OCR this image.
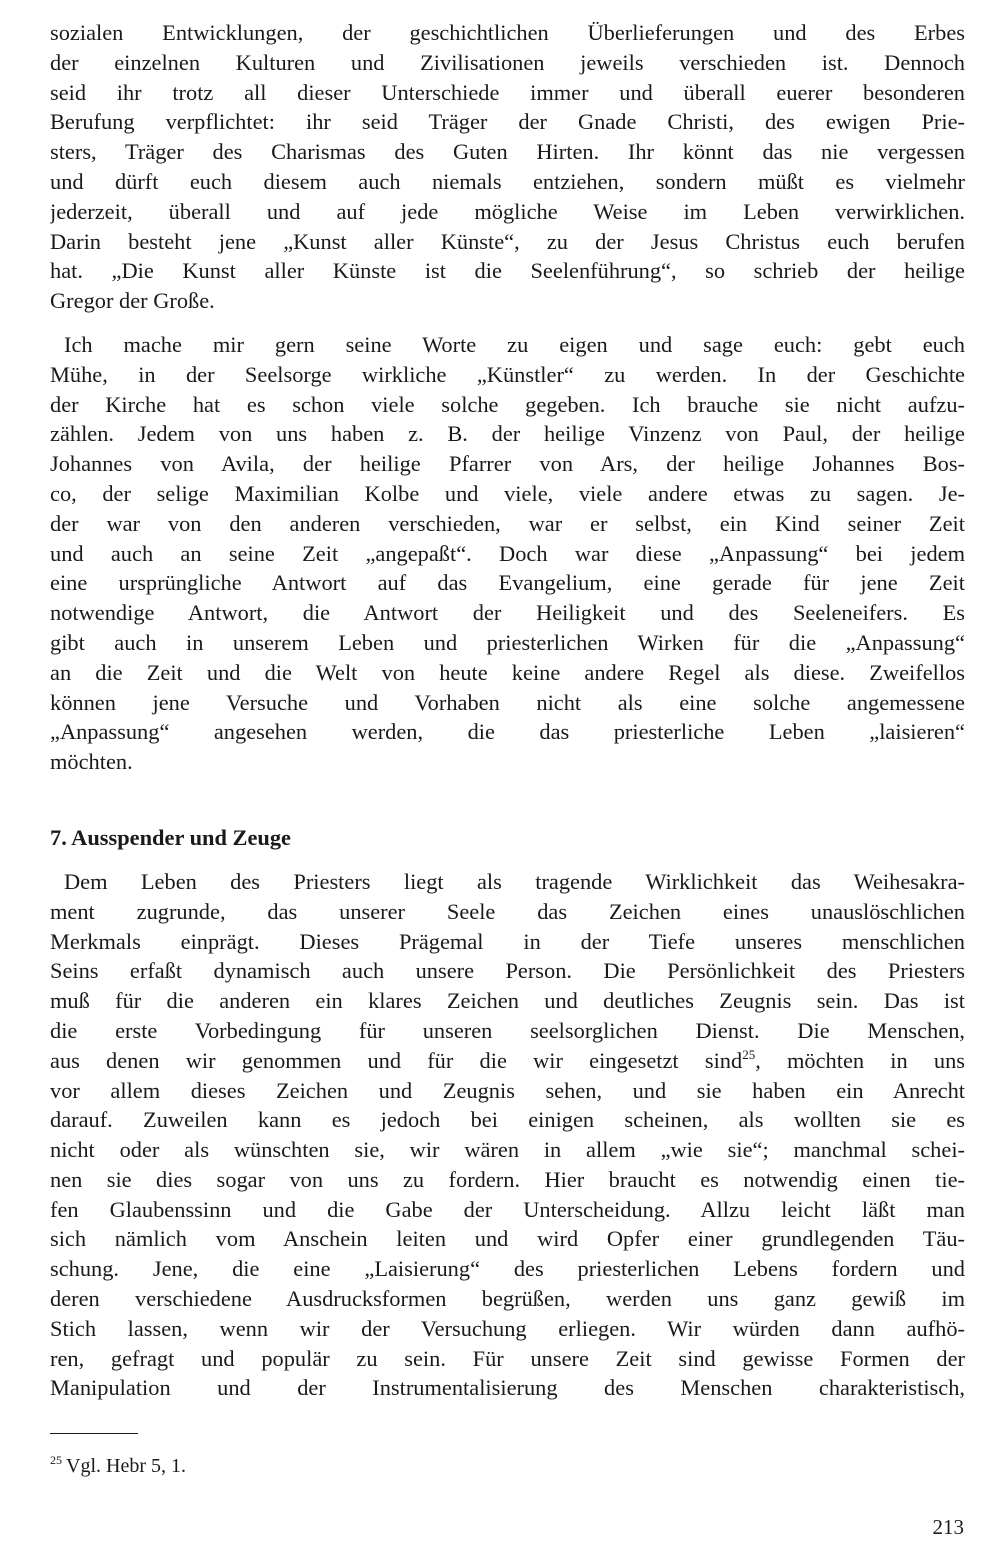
sozialen Entwicklungen, der geschichtlichen Überlieferungen und des Erbes
der einzelnen Kulturen und Zivilisationen jeweils verschieden ist. Dennoch
seid ihr trotz all dieser Unterschiede immer und überall euerer besonderen
Berufung verpflichtet: ihr seid Träger der Gnade Christi, des ewigen Prie-
sters, Träger des Charismas des Guten Hirten. Ihr könnt das nie vergessen
und dürft euch diesem auch niemals entziehen, sondern müßt es vielmehr
jederzeit, überall und auf jede mögliche Weise im Leben verwirklichen.
Darin besteht jene „Kunst aller Künste“, zu der Jesus Christus euch berufen
hat. „Die Kunst aller Künste ist die Seelenführung“, so schrieb der heilige
Gregor der Große.
Ich mache mir gern seine Worte zu eigen und sage euch: gebt euch
Mühe, in der Seelsorge wirkliche „Künstler“ zu werden. In der Geschichte
der Kirche hat es schon viele solche gegeben. Ich brauche sie nicht aufzu-
zählen. Jedem von uns haben z. B. der heilige Vinzenz von Paul, der heilige
Johannes von Avila, der heilige Pfarrer von Ars, der heilige Johannes Bos-
co, der selige Maximilian Kolbe und viele, viele andere etwas zu sagen. Je-
der war von den anderen verschieden, war er selbst, ein Kind seiner Zeit
und auch an seine Zeit „angepaßt“. Doch war diese „Anpassung“ bei jedem
eine ursprüngliche Antwort auf das Evangelium, eine gerade für jene Zeit
notwendige Antwort, die Antwort der Heiligkeit und des Seeleneifers. Es
gibt auch in unserem Leben und priesterlichen Wirken für die „Anpassung“
an die Zeit und die Welt von heute keine andere Regel als diese. Zweifellos
können jene Versuche und Vorhaben nicht als eine solche angemessene
„Anpassung“ angesehen werden, die das priesterliche Leben „laisieren“
möchten.
7. Ausspender und Zeuge
Dem Leben des Priesters liegt als tragende Wirklichkeit das Weihesakra-
ment zugrunde, das unserer Seele das Zeichen eines unauslöschlichen
Merkmals einprägt. Dieses Prägemal in der Tiefe unseres menschlichen
Seins erfaßt dynamisch auch unsere Person. Die Persönlichkeit des Priesters
muß für die anderen ein klares Zeichen und deutliches Zeugnis sein. Das ist
die erste Vorbedingung für unseren seelsorglichen Dienst. Die Menschen,
aus denen wir genommen und für die wir eingesetzt sind$^{25}$, möchten in uns
vor allem dieses Zeichen und Zeugnis sehen, und sie haben ein Anrecht
darauf. Zuweilen kann es jedoch bei einigen scheinen, als wollten sie es
nicht oder als wünschten sie, wir wären in allem „wie sie“; manchmal schei-
nen sie dies sogar von uns zu fordern. Hier braucht es notwendig einen tie-
fen Glaubenssinn und die Gabe der Unterscheidung. Allzu leicht läßt man
sich nämlich vom Anschein leiten und wird Opfer einer grundlegenden Täu-
schung. Jene, die eine „Laisierung“ des priesterlichen Lebens fordern und
deren verschiedene Ausdrucksformen begrüßen, werden uns ganz gewiß im
Stich lassen, wenn wir der Versuchung erliegen. Wir würden dann aufhö-
ren, gefragt und populär zu sein. Für unsere Zeit sind gewisse Formen der
Manipulation und der Instrumentalisierung des Menschen charakteristisch,
$^{25}$ Vgl. Hebr 5, 1.
213
